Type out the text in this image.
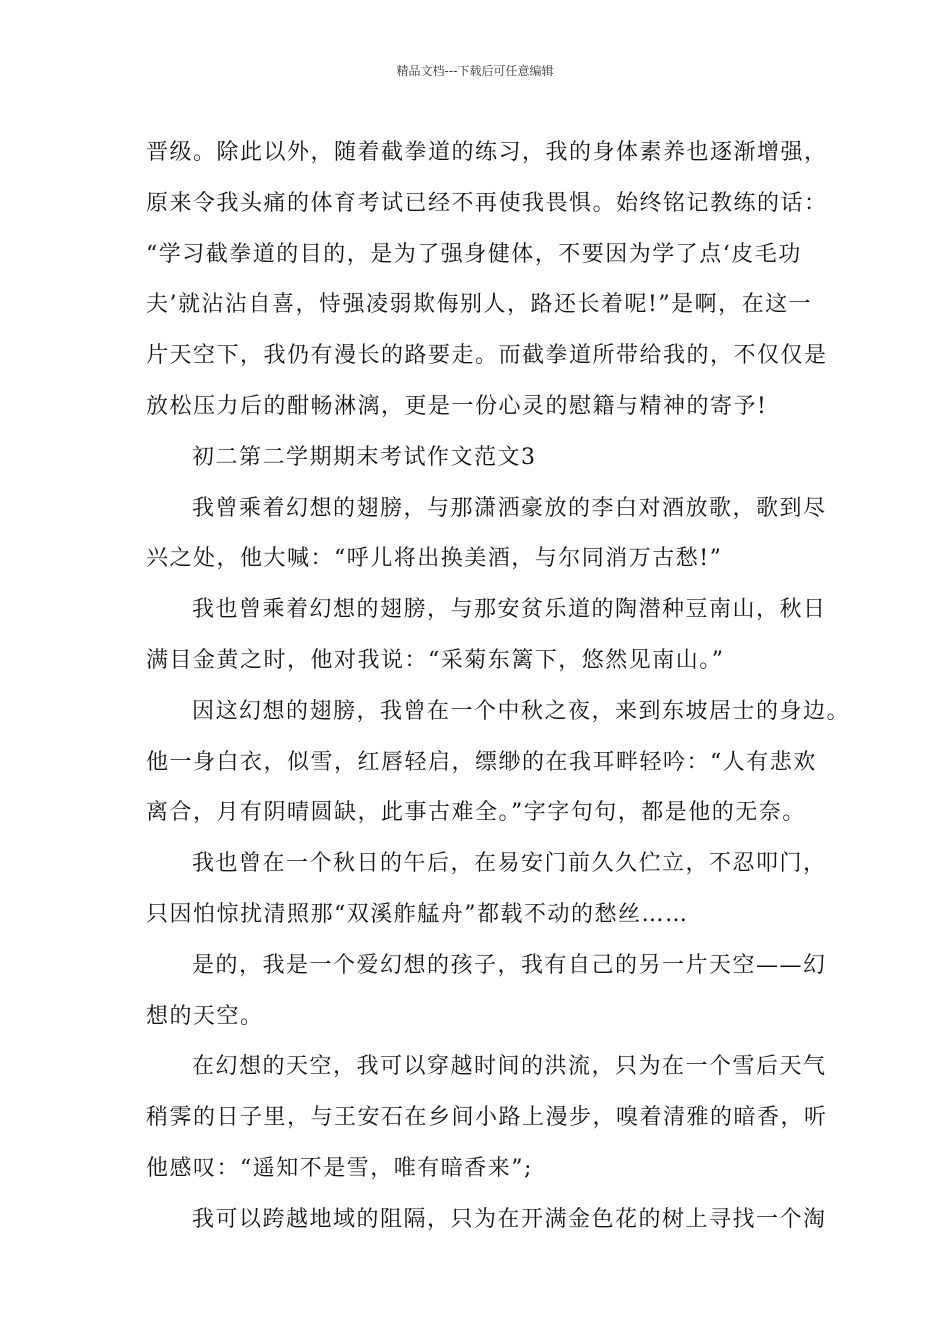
精品文档---下载后可任意编辑
晋级。除此以外，随着截拳道的练习，我的身体素养也逐渐增强，
原来令我头痛的体育考试已经不再使我畏惧。始终铭记教练的话：
“学习截拳道的目的，是为了强身健体，不要因为学了点‘皮毛功
夫’就沾沾自喜，恃强凌弱欺侮别人，路还长着呢!”是啊，在这一
片天空下，我仍有漫长的路要走。而截拳道所带给我的，不仅仅是
放松压力后的酣畅淋漓，更是一份心灵的慰籍与精神的寄予!
初二第二学期期末考试作文范文3
我曾乘着幻想的翅膀，与那潇洒豪放的李白对酒放歌，歌到尽
兴之处，他大喊：“呼儿将出换美酒，与尔同消万古愁!”
我也曾乘着幻想的翅膀，与那安贫乐道的陶潜种豆南山，秋日
满目金黄之时，他对我说：“采菊东篱下，悠然见南山。”
因这幻想的翅膀，我曾在一个中秋之夜，来到东坡居士的身边。
他一身白衣，似雪，红唇轻启，缥缈的在我耳畔轻吟：“人有悲欢
离合，月有阴晴圆缺，此事古难全。”字字句句，都是他的无奈。
我也曾在一个秋日的午后，在易安门前久久伫立，不忍叩门，
只因怕惊扰清照那“双溪舴艋舟”都载不动的愁丝……
是的，我是一个爱幻想的孩子，我有自己的另一片天空——幻
想的天空。
在幻想的天空，我可以穿越时间的洪流，只为在一个雪后天气
稍霁的日子里，与王安石在乡间小路上漫步，嗅着清雅的暗香，听
他感叹：“遥知不是雪，唯有暗香来”;
我可以跨越地域的阻隔，只为在开满金色花的树上寻找一个淘
